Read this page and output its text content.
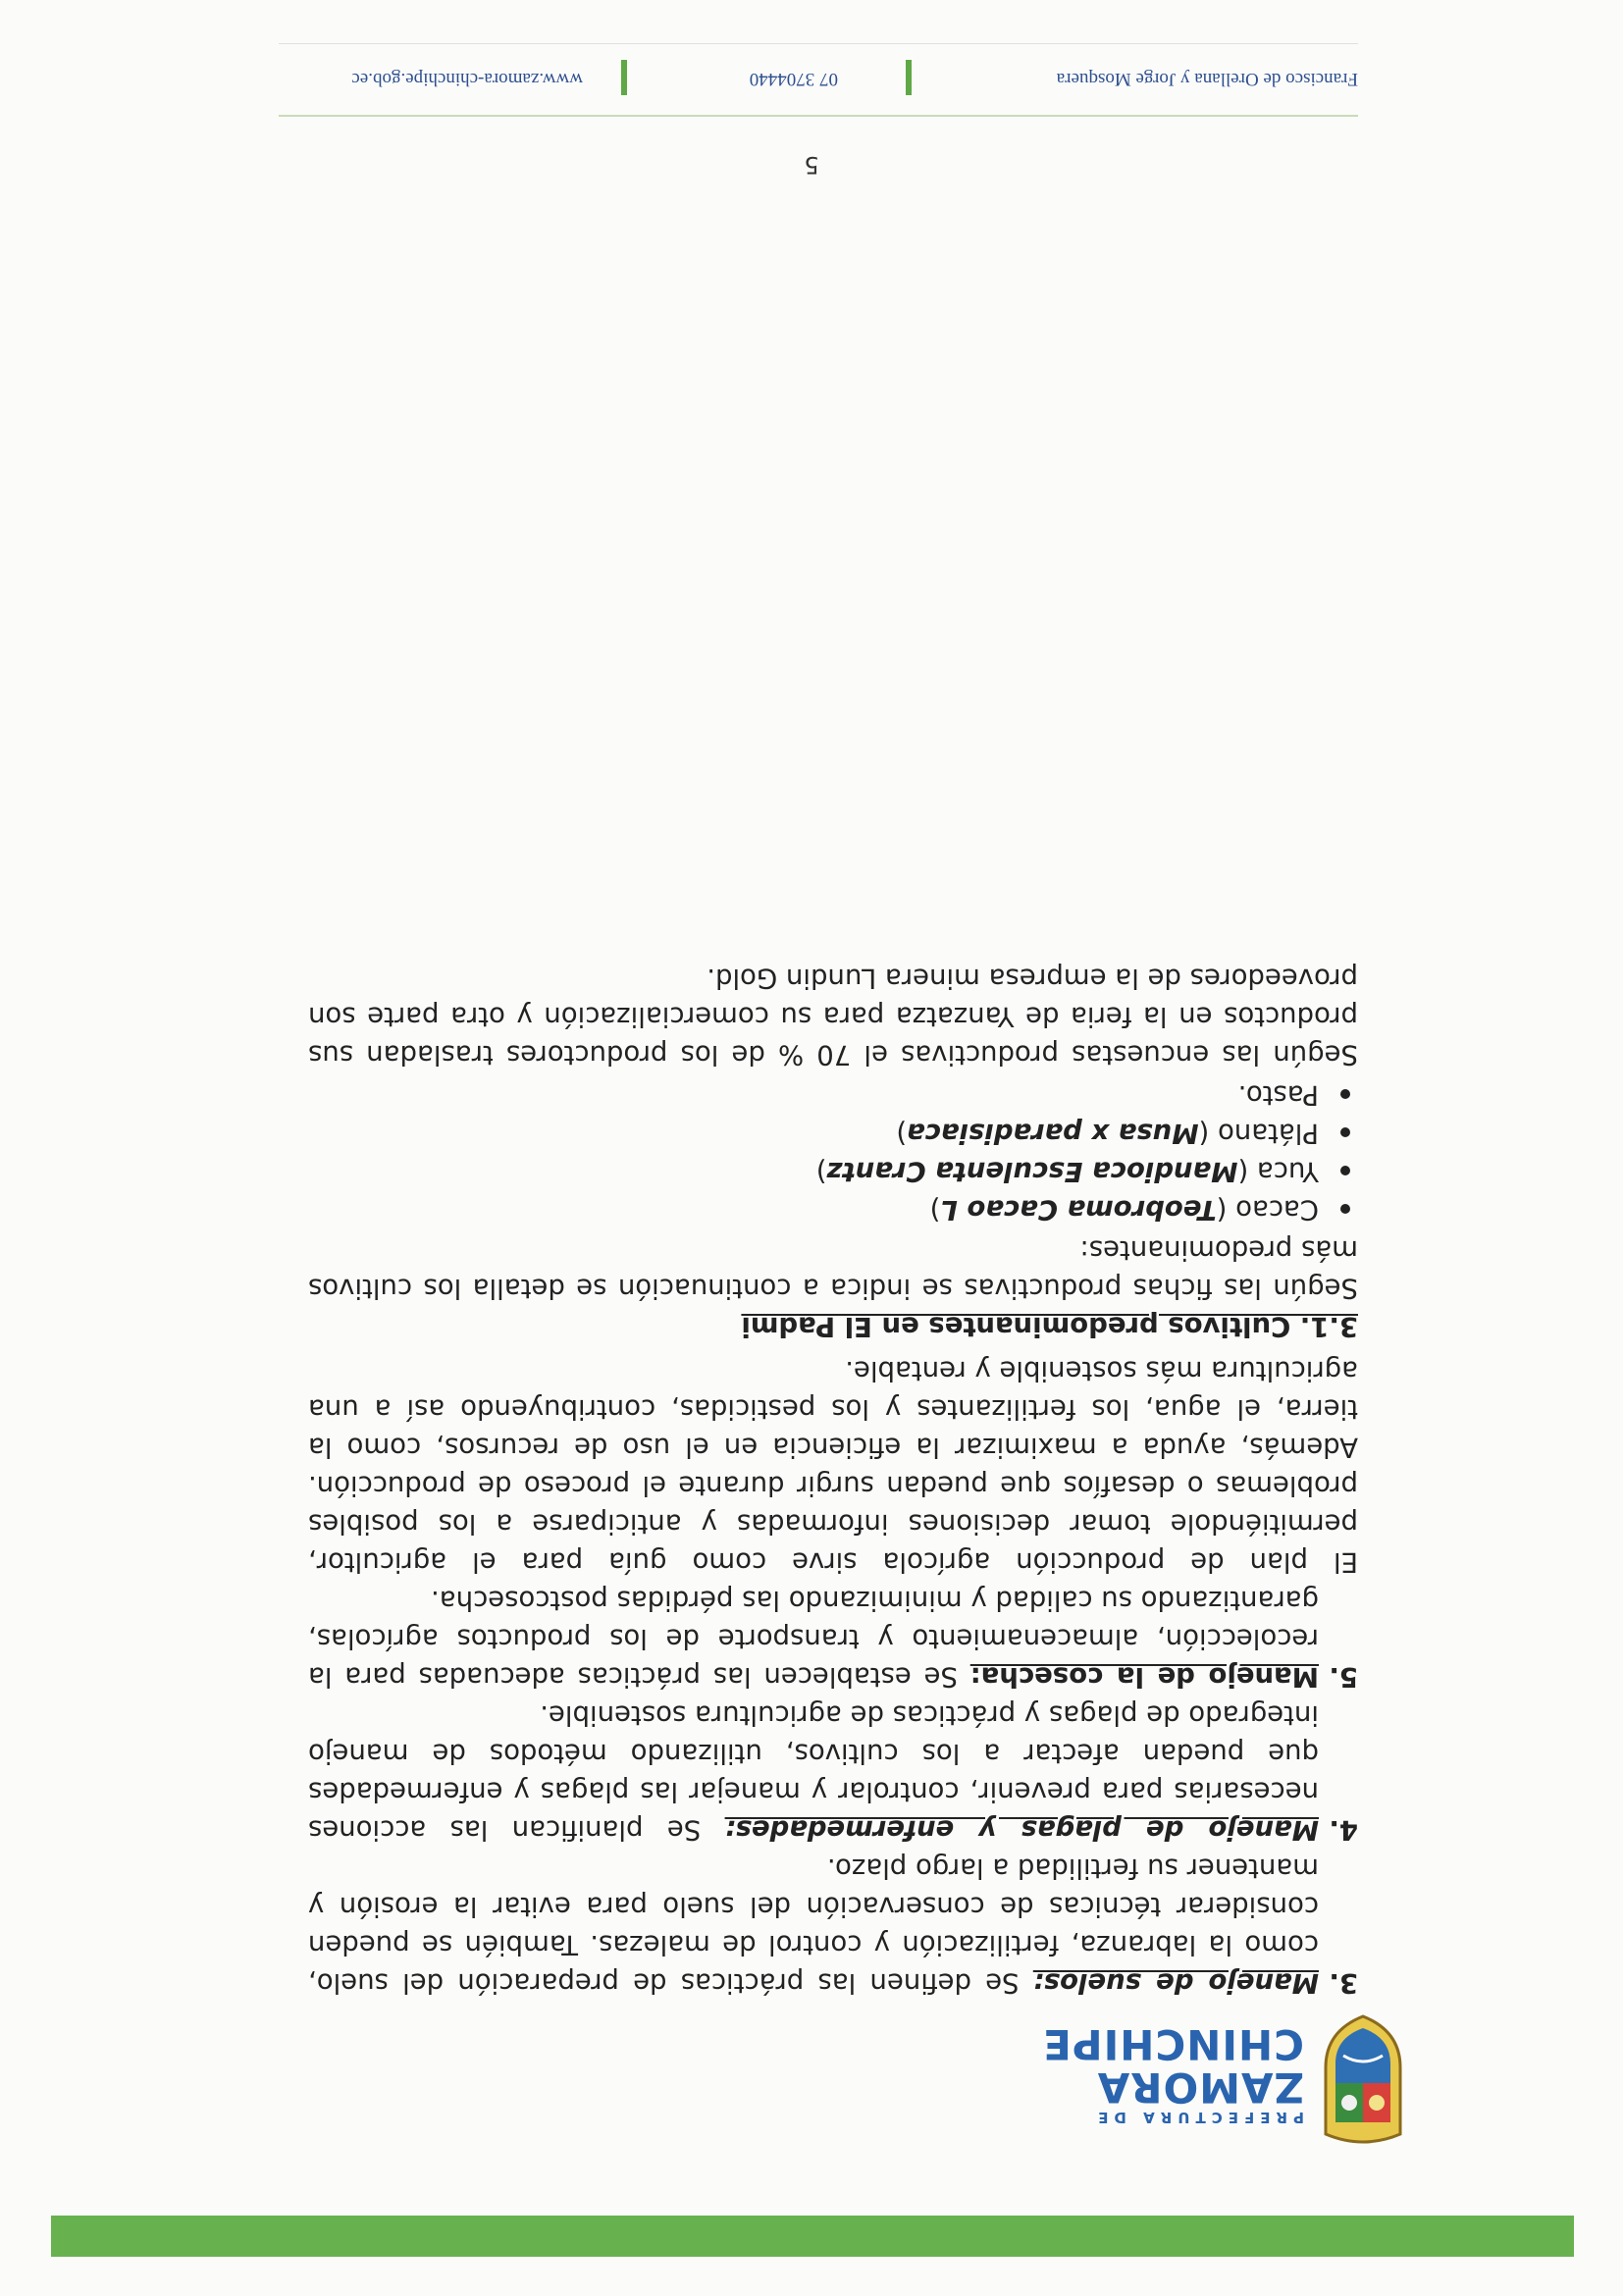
PREFECTURA DE
ZAMORA
CHINCHIPE
3.

Manejo de suelos: Se definen las prácticas de preparación del suelo, como la labranza, fertilización y control de malezas. También se pueden considerar técnicas de conservación del suelo para evitar la erosión y mantener su fertilidad a largo plazo.

4.

Manejo de plagas y enfermedades: Se planifican las acciones necesarias para prevenir, controlar y manejar las plagas y enfermedades que puedan afectar a los cultivos, utilizando métodos de manejo integrado de plagas y prácticas de agricultura sostenible.

5.

Manejo de la cosecha: Se establecen las prácticas adecuadas para la recolección, almacenamiento y transporte de los productos agrícolas, garantizando su calidad y minimizando las pérdidas postcosecha.

El plan de producción agrícola sirve como guía para el agricultor, permitiéndole tomar decisiones informadas y anticiparse a los posibles problemas o desafíos que puedan surgir durante el proceso de producción. Además, ayuda a maximizar la eficiencia en el uso de recursos, como la tierra, el agua, los fertilizantes y los pesticidas, contribuyendo así a una agricultura más sostenible y rentable.

3.1. Cultivos predominantes en El Padmi

Según las fichas productivas se indica a continuación se detalla los cultivos más predominantes:

Cacao (Teobroma Cacao L)
Yuca (Mandioca Esculenta Crantz)
Plátano (Musa x paradisiaca)
Pasto.

Según las encuestas productivas el 70 % de los productores trasladan sus productos en la feria de Yanzatza para su comercialización y otra parte son proveedores de la empresa minera Lundin Gold.

5
Francisco de Orellana y Jorge Mosquera
07 3704440
www.zamora-chinchipe.gob.ec
